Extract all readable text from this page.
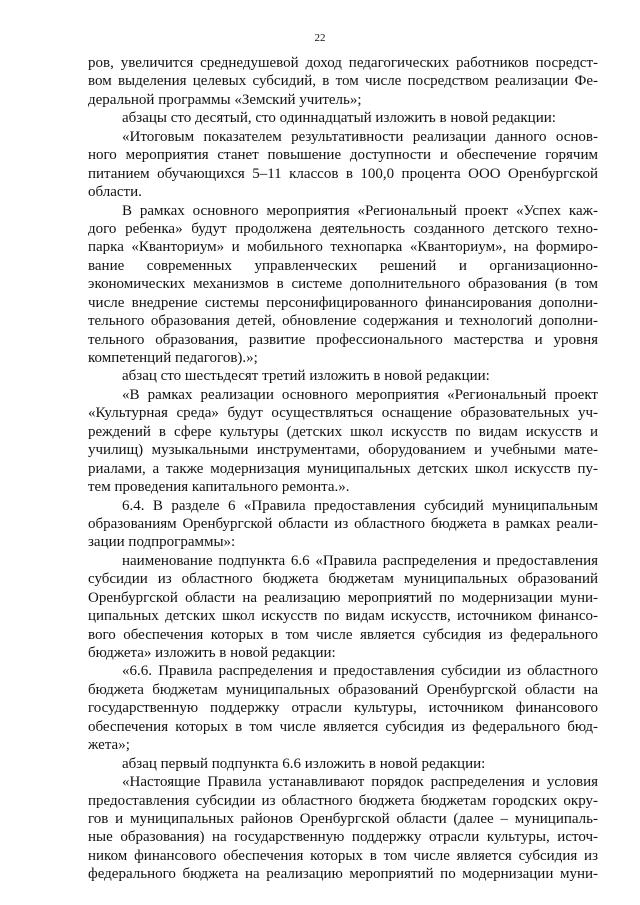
22
ров, увеличится среднедушевой доход педагогических работников посредст-
вом выделения целевых субсидий, в том числе посредством реализации Фе-
деральной программы «Земский учитель»;
абзацы сто десятый, сто одиннадцатый изложить в новой редакции:
«Итоговым показателем результативности реализации данного основ-
ного мероприятия станет повышение доступности и обеспечение горячим
питанием обучающихся 5–11 классов в 100,0 процента ООО Оренбургской
области.
В рамках основного мероприятия «Региональный проект «Успех каж-
дого ребенка» будут продолжена деятельность созданного детского техно-
парка «Кванториум» и мобильного технопарка «Кванториум», на формиро-
вание современных управленческих решений и организационно-
экономических механизмов в системе дополнительного образования (в том
числе внедрение системы персонифицированного финансирования дополни-
тельного образования детей, обновление содержания и технологий дополни-
тельного образования, развитие профессионального мастерства и уровня
компетенций педагогов).»;
абзац сто шестьдесят третий изложить в новой редакции:
«В рамках реализации основного мероприятия «Региональный проект
«Культурная среда» будут осуществляться оснащение образовательных уч-
реждений в сфере культуры (детских школ искусств по видам искусств и
училищ) музыкальными инструментами, оборудованием и учебными мате-
риалами, а также модернизация муниципальных детских школ искусств пу-
тем проведения капитального ремонта.».
6.4. В разделе 6 «Правила предоставления субсидий муниципальным
образованиям Оренбургской области из областного бюджета в рамках реали-
зации подпрограммы»:
наименование подпункта 6.6 «Правила распределения и предоставления
субсидии из областного бюджета бюджетам муниципальных образований
Оренбургской области на реализацию мероприятий по модернизации муни-
ципальных детских школ искусств по видам искусств, источником финансо-
вого обеспечения которых в том числе является субсидия из федерального
бюджета» изложить в новой редакции:
«6.6. Правила распределения и предоставления субсидии из областного
бюджета бюджетам муниципальных образований Оренбургской области на
государственную поддержку отрасли культуры, источником финансового
обеспечения которых в том числе является субсидия из федерального бюд-
жета»;
абзац первый подпункта 6.6 изложить в новой редакции:
«Настоящие Правила устанавливают порядок распределения и условия
предоставления субсидии из областного бюджета бюджетам городских окру-
гов и муниципальных районов Оренбургской области (далее – муниципаль-
ные образования) на государственную поддержку отрасли культуры, источ-
ником финансового обеспечения которых в том числе является субсидия из
федерального бюджета на реализацию мероприятий по модернизации муни-
